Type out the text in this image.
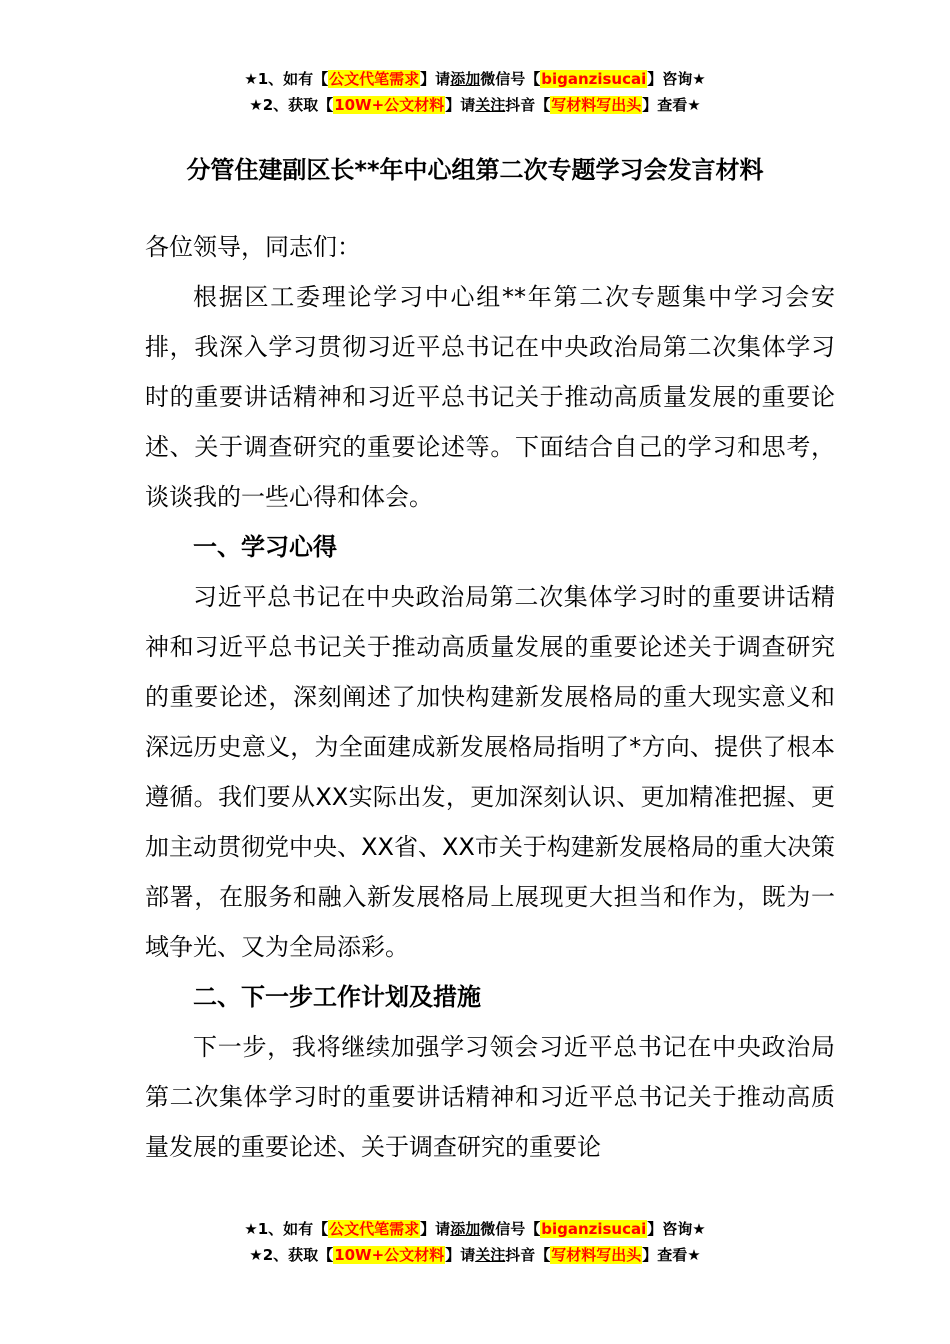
★1、如有【公文代笔需求】请添加微信号【biganzisucai】咨询★
★2、获取【10W+公文材料】请关注抖音【写材料写出头】查看★
分管住建副区长**年中心组第二次专题学习会发言材料

各位领导，同志们：

根据区工委理论学习中心组**年第二次专题集中学习会安排，我深入学习贯彻习近平总书记在中央政治局第二次集体学习时的重要讲话精神和习近平总书记关于推动高质量发展的重要论述、关于调查研究的重要论述等。下面结合自己的学习和思考，谈谈我的一些心得和体会。

一、学习心得

习近平总书记在中央政治局第二次集体学习时的重要讲话精神和习近平总书记关于推动高质量发展的重要论述关于调查研究的重要论述，深刻阐述了加快构建新发展格局的重大现实意义和深远历史意义，为全面建成新发展格局指明了*方向、提供了根本遵循。我们要从XX实际出发，更加深刻认识、更加精准把握、更加主动贯彻党中央、XX省、XX市关于构建新发展格局的重大决策部署，在服务和融入新发展格局上展现更大担当和作为，既为一域争光、又为全局添彩。

二、下一步工作计划及措施

下一步，我将继续加强学习领会习近平总书记在中央政治局第二次集体学习时的重要讲话精神和习近平总书记关于推动高质量发展的重要论述、关于调查研究的重要论

★1、如有【公文代笔需求】请添加微信号【biganzisucai】咨询★
★2、获取【10W+公文材料】请关注抖音【写材料写出头】查看★
